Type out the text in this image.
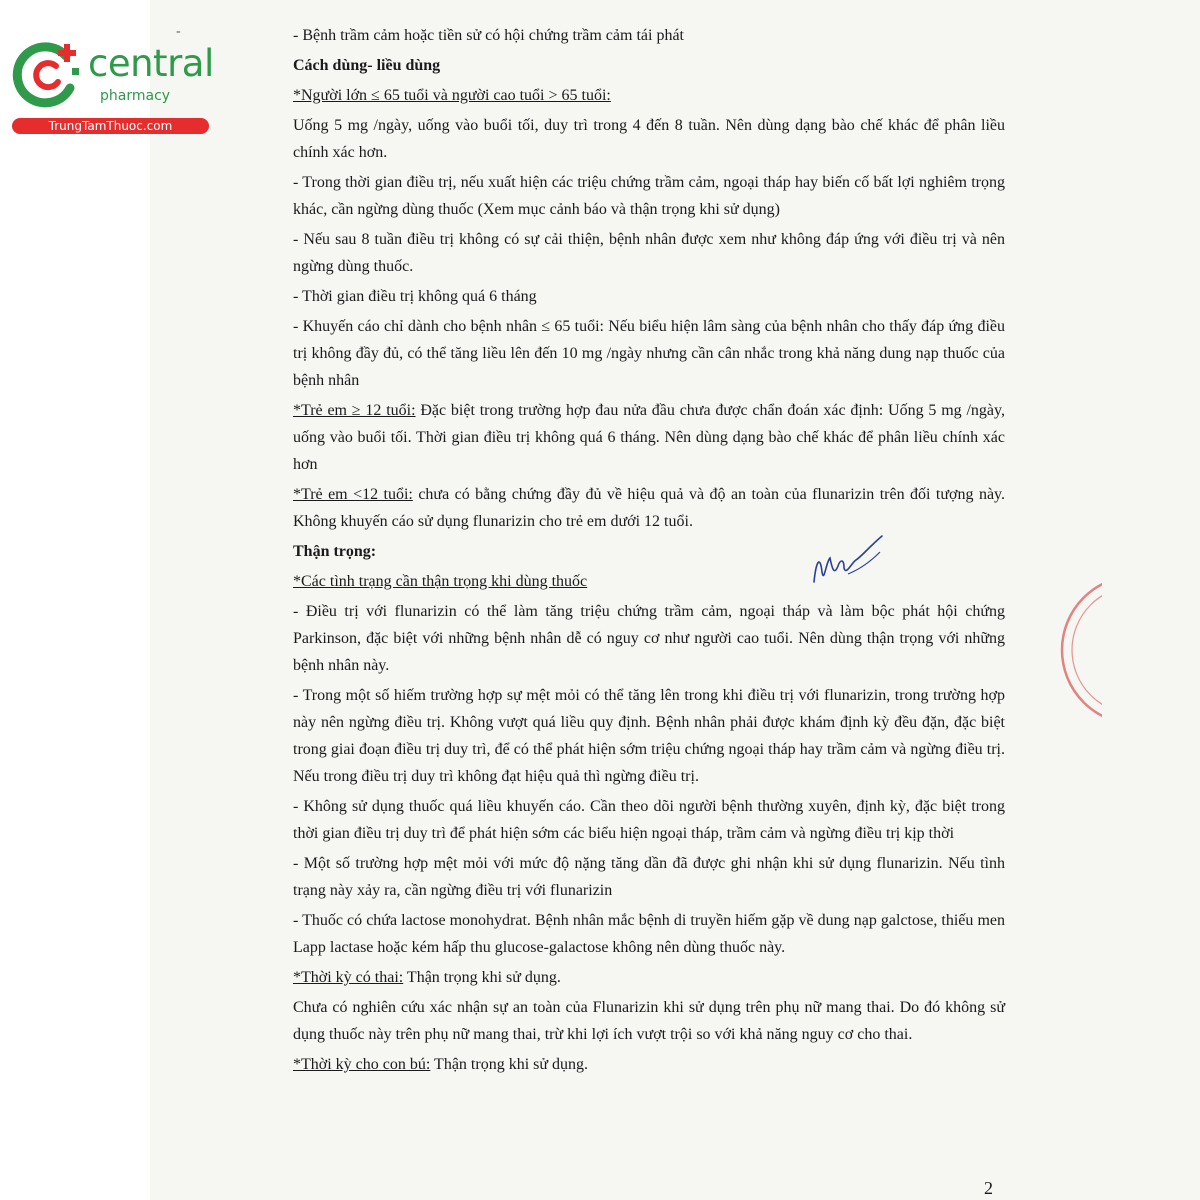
central
pharmacy
TrungTamThuoc.com
-	- Bệnh trầm cảm hoặc tiền sử có hội chứng trầm cảm tái phát

Cách dùng- liều dùng

*Người lớn ≤ 65 tuổi và người cao tuổi > 65 tuổi:

Uống 5 mg /ngày, uống vào buổi tối, duy trì trong 4 đến 8 tuần. Nên dùng dạng bào chế khác để phân liều chính xác hơn.

- Trong thời gian điều trị, nếu xuất hiện các triệu chứng trầm cảm, ngoại tháp hay biến cố bất lợi nghiêm trọng khác, cần ngừng dùng thuốc (Xem mục cảnh báo và thận trọng khi sử dụng)

- Nếu sau 8 tuần điều trị không có sự cải thiện, bệnh nhân được xem như không đáp ứng với điều trị và nên ngừng dùng thuốc.

- Thời gian điều trị không quá 6 tháng

- Khuyến cáo chỉ dành cho bệnh nhân ≤ 65 tuổi: Nếu biểu hiện lâm sàng của bệnh nhân cho thấy đáp ứng điều trị không đầy đủ, có thể tăng liều lên đến 10 mg /ngày nhưng cần cân nhắc trong khả năng dung nạp thuốc của bệnh nhân

*Trẻ em ≥ 12 tuổi: Đặc biệt trong trường hợp đau nửa đầu chưa được chẩn đoán xác định: Uống 5 mg /ngày, uống vào buổi tối. Thời gian điều trị không quá 6 tháng. Nên dùng dạng bào chế khác để phân liều chính xác hơn

*Trẻ em <12 tuổi: chưa có bằng chứng đầy đủ về hiệu quả và độ an toàn của flunarizin trên đối tượng này. Không khuyến cáo sử dụng flunarizin cho trẻ em dưới 12 tuổi.

Thận trọng:

*Các tình trạng cần thận trọng khi dùng thuốc

- Điều trị với flunarizin có thể làm tăng triệu chứng trầm cảm, ngoại tháp và làm bộc phát hội chứng Parkinson, đặc biệt với những bệnh nhân dễ có nguy cơ như người cao tuổi. Nên dùng thận trọng với những bệnh nhân này.

- Trong một số hiếm trường hợp sự mệt mỏi có thể tăng lên trong khi điều trị với flunarizin, trong trường hợp này nên ngừng điều trị. Không vượt quá liều quy định. Bệnh nhân phải được khám định kỳ đều đặn, đặc biệt trong giai đoạn điều trị duy trì, để có thể phát hiện sớm triệu chứng ngoại tháp hay trầm cảm và ngừng điều trị. Nếu trong điều trị duy trì không đạt hiệu quả thì ngừng điều trị.

- Không sử dụng thuốc quá liều khuyến cáo. Cần theo dõi người bệnh thường xuyên, định kỳ, đặc biệt trong thời gian điều trị duy trì để phát hiện sớm các biểu hiện ngoại tháp, trầm cảm và ngừng điều trị kịp thời

- Một số trường hợp mệt mỏi với mức độ nặng tăng dần đã được ghi nhận khi sử dụng flunarizin. Nếu tình trạng này xảy ra, cần ngừng điều trị với flunarizin

- Thuốc có chứa lactose monohydrat. Bệnh nhân mắc bệnh di truyền hiếm gặp về dung nạp galctose, thiếu men Lapp lactase hoặc kém hấp thu glucose-galactose không nên dùng thuốc này.

*Thời kỳ có thai: Thận trọng khi sử dụng.

Chưa có nghiên cứu xác nhận sự an toàn của Flunarizin khi sử dụng trên phụ nữ mang thai. Do đó không sử dụng thuốc này trên phụ nữ mang thai, trừ khi lợi ích vượt trội so với khả năng nguy cơ cho thai.

*Thời kỳ cho con bú: Thận trọng khi sử dụng.

2
